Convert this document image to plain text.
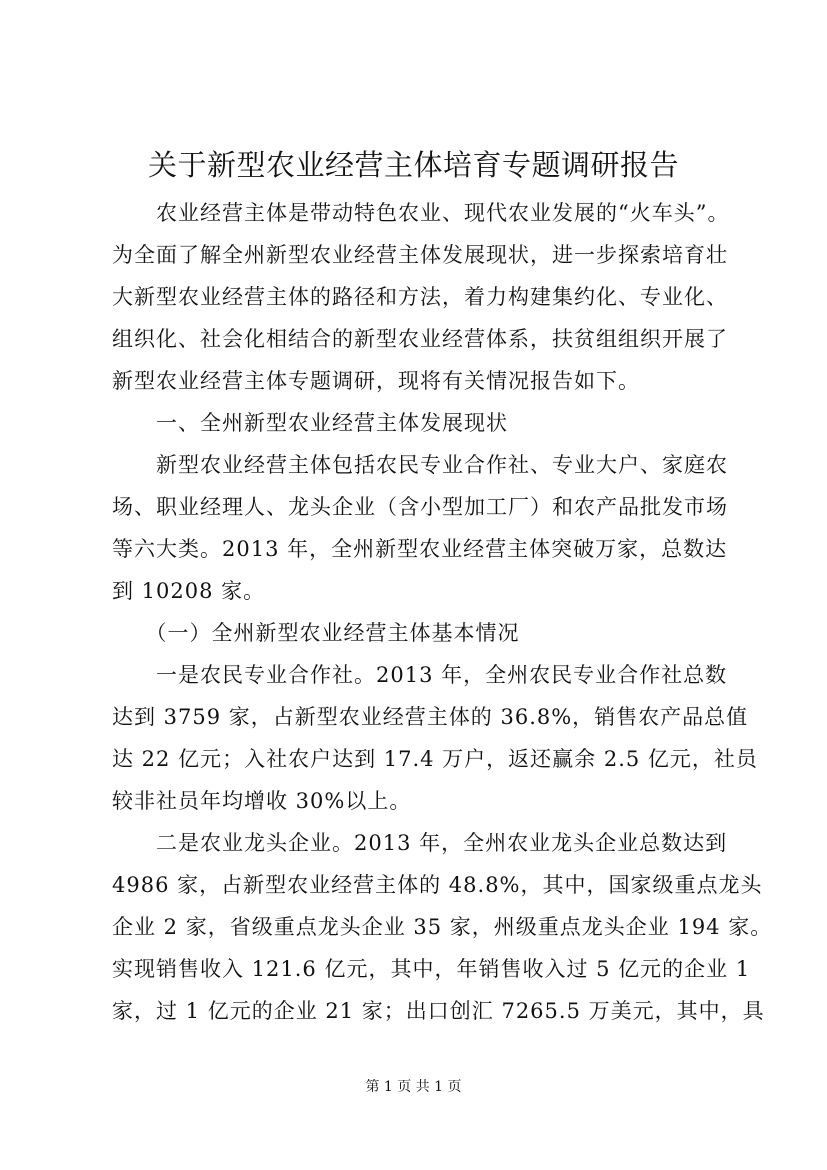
关于新型农业经营主体培育专题调研报告
　　农业经营主体是带动特色农业、现代农业发展的“火车头”。
为全面了解全州新型农业经营主体发展现状，进一步探索培育壮
大新型农业经营主体的路径和方法，着力构建集约化、专业化、
组织化、社会化相结合的新型农业经营体系，扶贫组组织开展了
新型农业经营主体专题调研，现将有关情况报告如下。
　　一、全州新型农业经营主体发展现状
　　新型农业经营主体包括农民专业合作社、专业大户、家庭农
场、职业经理人、龙头企业（含小型加工厂）和农产品批发市场
等六大类。2013 年，全州新型农业经营主体突破万家，总数达
到 10208 家。
　　（一）全州新型农业经营主体基本情况
　　一是农民专业合作社。2013 年，全州农民专业合作社总数
达到 3759 家，占新型农业经营主体的 36.8%，销售农产品总值
达 22 亿元；入社农户达到 17.4 万户，返还赢余 2.5 亿元，社员
较非社员年均增收 30%以上。
　　二是农业龙头企业。2013 年，全州农业龙头企业总数达到
4986 家，占新型农业经营主体的 48.8%，其中，国家级重点龙头
企业 2 家，省级重点龙头企业 35 家，州级重点龙头企业 194 家。
实现销售收入 121.6 亿元，其中，年销售收入过 5 亿元的企业 1
家，过 1 亿元的企业 21 家；出口创汇 7265.5 万美元，其中，具
第 1 页 共 1 页
